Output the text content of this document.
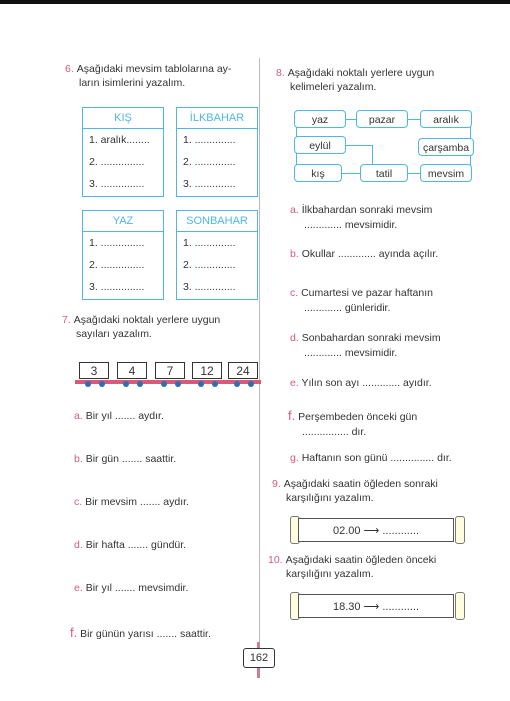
6. Aşağıdaki mevsim tablolarına ay-
ların isimlerini yazalım.
KIŞ
1. aralık........
2. ...............
3. ...............
İLKBAHAR
1. ..............
2. ..............
3. ..............
YAZ
1. ...............
2. ...............
3. ...............
SONBAHAR
1. ..............
2. ..............
3. ..............
7. Aşağıdaki noktalı yerlere uygun
sayıları yazalım.
3	4	7	12	24
a. Bir yıl ....... aydır.
b. Bir gün ....... saattir.
c. Bir mevsim ....... aydır.
d. Bir hafta ....... gündür.
e. Bir yıl ....... mevsimdir.
f. Bir günün yarısı ....... saattir.
8. Aşağıdaki noktalı yerlere uygun
kelimeleri yazalım.
yaz	pazar	aralık
eylül	çarşamba
kış	tatil	mevsim
a. İlkbahardan sonraki mevsim
............. mevsimidir.
b. Okullar ............. ayında açılır.
c. Cumartesi ve pazar haftanın
............. günleridir.
d. Sonbahardan sonraki mevsim
............. mevsimidir.
e. Yılın son ayı ............. ayıdır.
f. Perşembeden önceki gün
................ dır.
g. Haftanın son günü ............... dır.
9. Aşağıdaki saatin öğleden sonraki
karşılığını yazalım.
02.00 ⟶ ............
10. Aşağıdaki saatin öğleden önceki
karşılığını yazalım.
18.30 ⟶ ............
162
